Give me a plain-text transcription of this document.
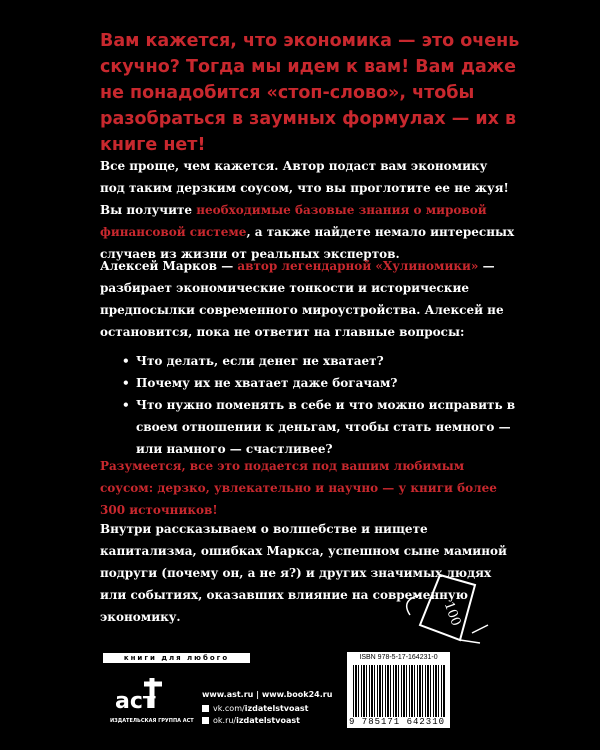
Вам кажется, что экономика — это очень скучно? Тогда мы идем к вам! Вам даже не понадобится «стоп-слово», чтобы разобраться в заумных формулах — их в книге нет!
Все проще, чем кажется. Автор подаст вам экономику под таким дерзким соусом, что вы проглотите ее не жуя! Вы получите необходимые базовые знания о мировой финансовой системе, а также найдете немало интересных случаев из жизни от реальных экспертов.
Алексей Марков — автор легендарной «Хулиномики» — разбирает экономические тонкости и исторические предпосылки современного мироустройства. Алексей не остановится, пока не ответит на главные вопросы:
• Что делать, если денег не хватает?
• Почему их не хватает даже богачам?
• Что нужно поменять в себе и что можно исправить в своем отношении к деньгам, чтобы стать немного — или намного — счастливее?
Разумеется, все это подается под вашим любимым соусом: дерзко, увлекательно и научно — у книги более 300 источников!
Внутри рассказываем о волшебстве и нищете капитализма, ошибках Маркса, успешном сыне маминой подруги (почему он, а не я?) и других значимых людях или событиях, оказавших влияние на современную экономику.	100
книги для любого настроения здесь
аст
ИЗДАТЕЛЬСКАЯ ГРУППА АСТ
www.ast.ru | www.book24.ru
vk.com/izdatelstvoast
ok.ru/izdatelstvoast
ISBN 978-5-17-164231-0
9 785171 642310
